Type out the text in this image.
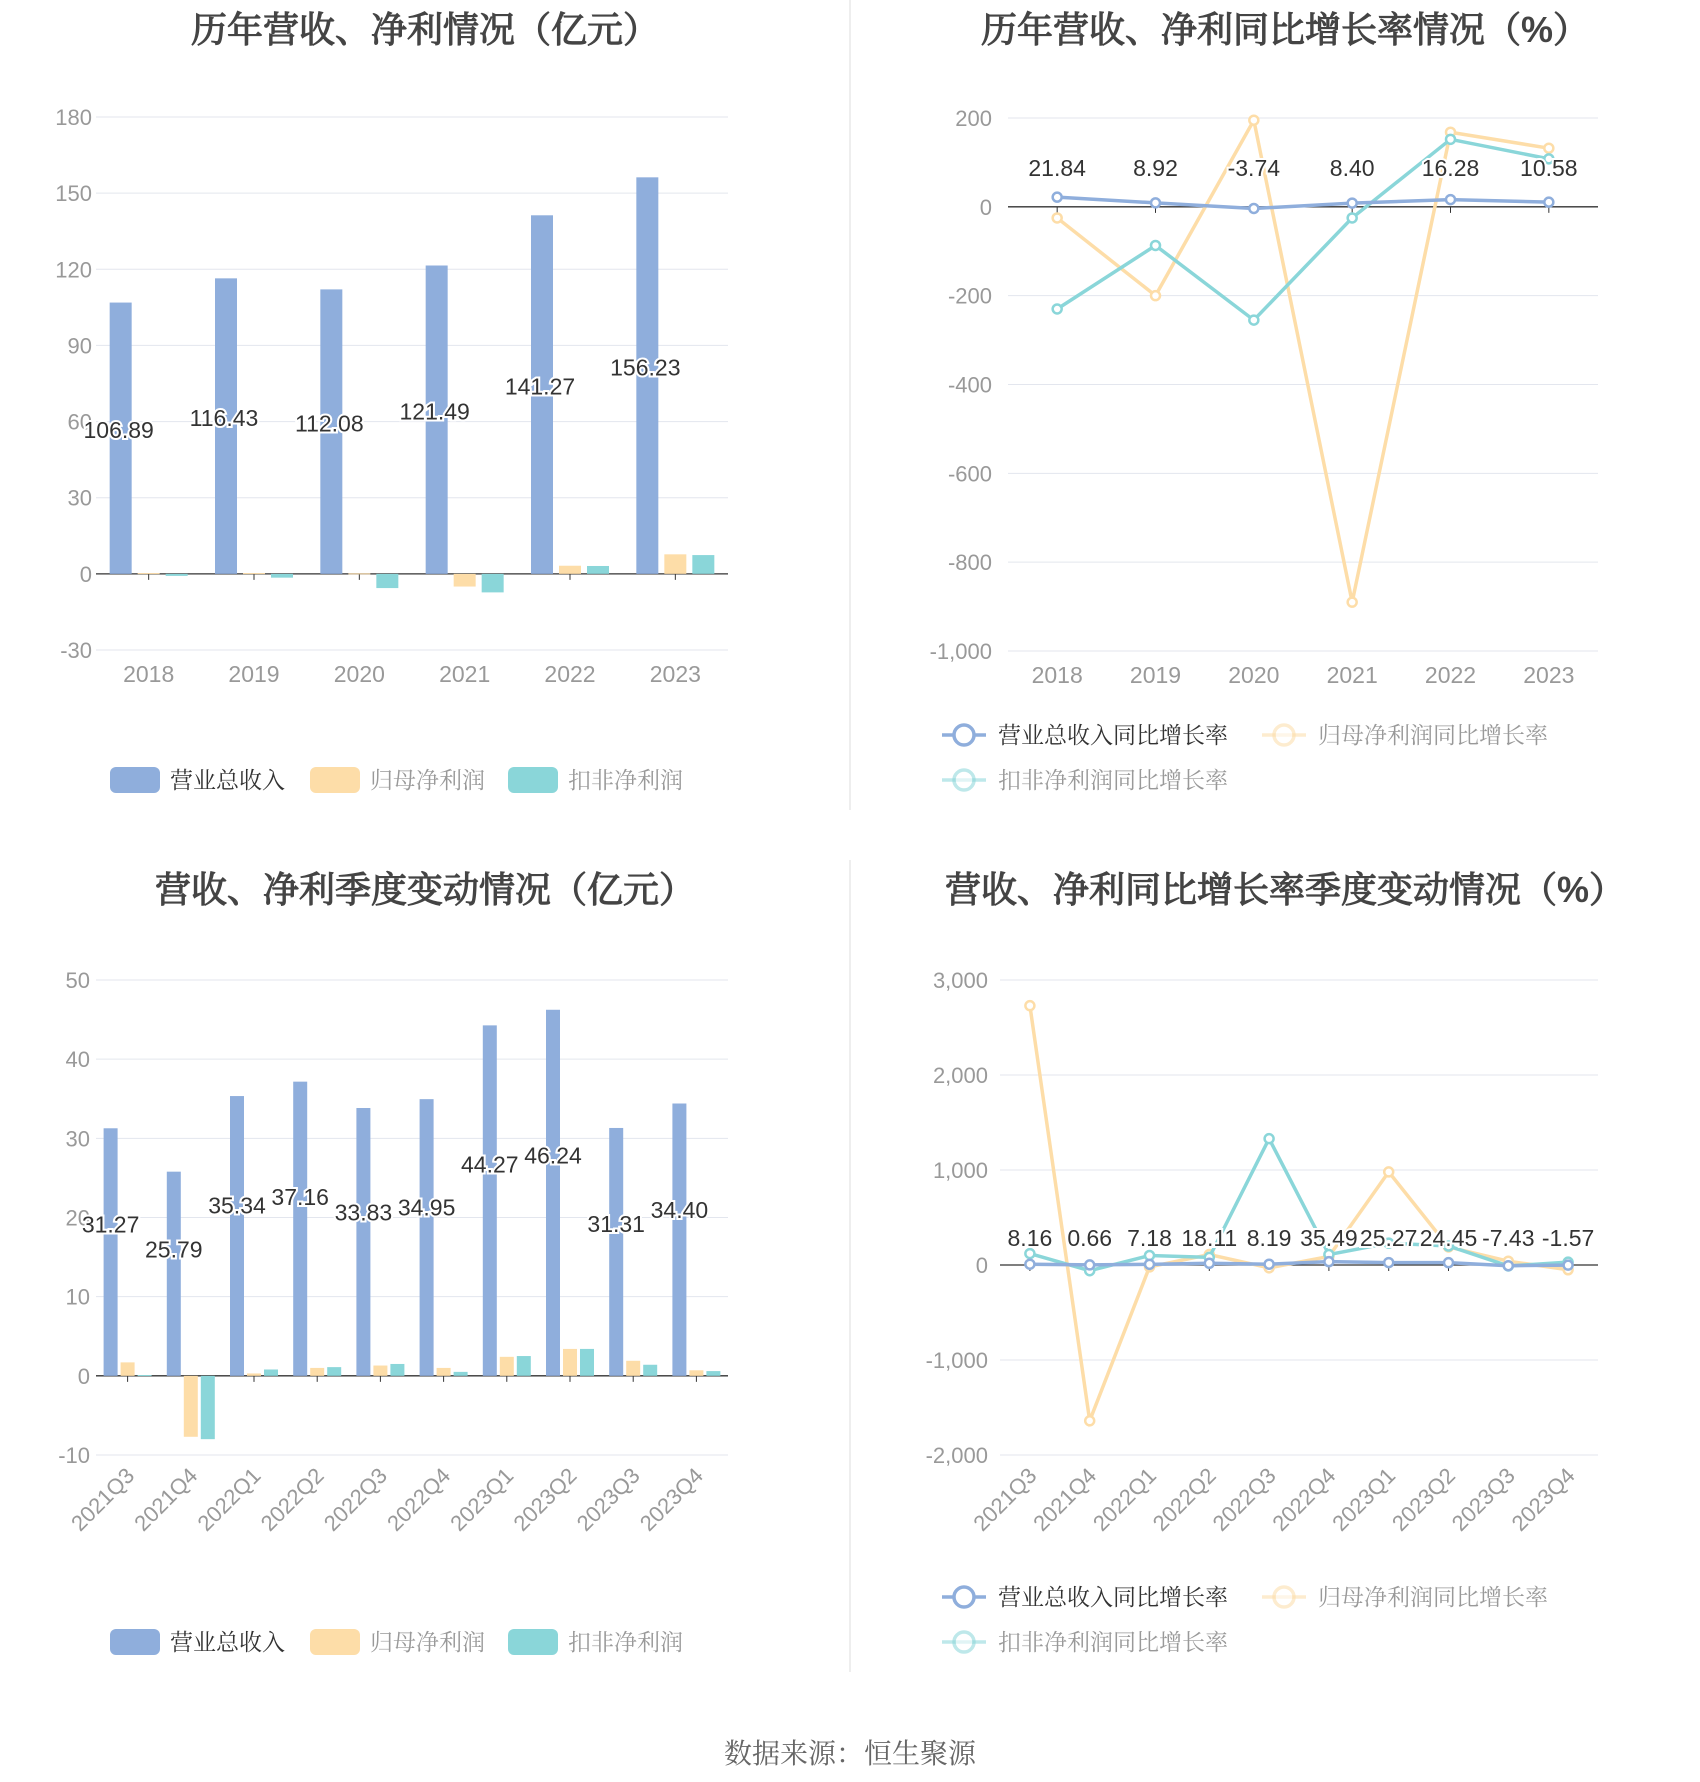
历年营收、净利情况（亿元）
180
150
120
90
60
30
0
-30
2018 2019 2020 2021 2022 2023
106.89 116.43 112.08 121.49
141.27
156.23
营业总收入	归母净利润	扣非净利润
历年营收、净利同比增长率情况（%）
200
0
-200
-400
-600
-800
-1,000
2018 2019 2020 2021 2022 2023
21.84 8.92 -3.74 8.40 16.28 10.58
营业总收入同比增长率	归母净利润同比增长率
扣非净利润同比增长率
营收、净利季度变动情况（亿元）
50
40
30
20
10
0
-10
2021Q3
2021Q4
2022Q1
2022Q2
2022Q3
2022Q4
2023Q1
2023Q2
2023Q3
2023Q4
31.27
25.79
35.34 37.16
33.83 34.95
44.27 46.24
31.31
34.40
营业总收入	归母净利润	扣非净利润
营收、净利同比增长率季度变动情况（%）
3,000
2,000
1,000
0
-1,000
-2,000
2021Q3
2021Q4
2022Q1
2022Q2
2022Q3
2022Q4
2023Q1
2023Q2
2023Q3
2023Q4
8.16 0.66 7.18 18.11 8.19 35.49 25.27 24.45 -7.43 -1.57
营业总收入同比增长率	归母净利润同比增长率
扣非净利润同比增长率
数据来源：恒生聚源
